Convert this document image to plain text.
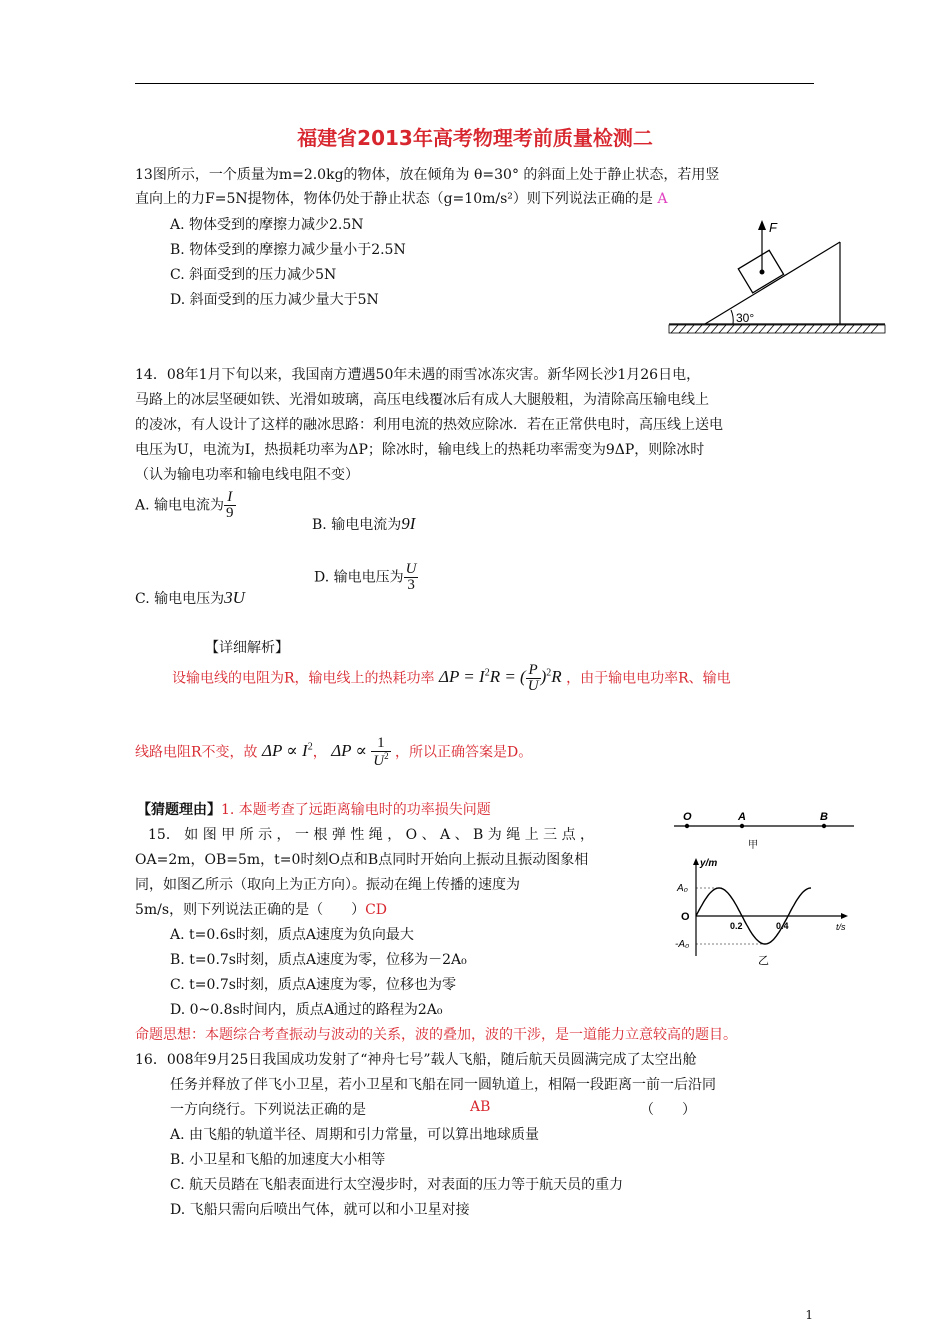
福建省2013年高考物理考前质量检测二
13图所示，一个质量为m=2.0kg的物体，放在倾角为 θ=30° 的斜面上处于静止状态，若用竖
直向上的力F=5N提物体，物体仍处于静止状态（g=10m/s²）则下列说法正确的是 A
A. 物体受到的摩擦力减少2.5N
B. 物体受到的摩擦力减少量小于2.5N
C. 斜面受到的压力减少5N
D. 斜面受到的压力减少量大于5N
F
30°
14．08年1月下旬以来，我国南方遭遇50年未遇的雨雪冰冻灾害。新华网长沙1月26日电，
马路上的冰层坚硬如铁、光滑如玻璃，高压电线覆冰后有成人大腿般粗，为清除高压输电线上
的凌冰，有人设计了这样的融冰思路：利用电流的热效应除冰．若在正常供电时，高压线上送电
电压为U，电流为I，热损耗功率为ΔP；除冰时，输电线上的热耗功率需变为9ΔP，则除冰时
（认为输电功率和输电线电阻不变）
A. 输电电流为 $\frac{I}{9}$
B. 输电电流为9I
C. 输电电压为3U
D. 输电电压为 $\frac{U}{3}$
【详细解析】
设输电线的电阻为R，输电线上的热耗功率 $\Delta P = I^2R$ = ( $\frac{P}{U} )^2R$ ，由于输电电功率R、输电
线路电阻R不变，故 $\Delta P \propto I^2$， $\Delta P \propto \frac{1}{U^2}$ ，所以正确答案是D。
【猜题理由】1. 本题考查了远距离输电时的功率损失问题
15． 如 图 甲 所 示 ， 一 根 弹 性 绳 ， O 、 A 、 B 为 绳 上 三 点 ，
OA=2m，OB=5m，t=0时刻O点和B点同时开始向上振动且振动图象相
同，如图乙所示（取向上为正方向）。振动在绳上传播的速度为
5m/s，则下列说法正确的是（　　）CD
A. t=0.6s时刻，质点A速度为负向最大
B. t=0.7s时刻，质点A速度为零，位移为－2A₀
C. t=0.7s时刻，质点A速度为零，位移也为零
D. 0~0.8s时间内，质点A通过的路程为2A₀
O	A	B
甲
y/m
t/s
A₀
-A₀
O
0.2	0.4
乙
命题思想：本题综合考查振动与波动的关系，波的叠加，波的干涉，是一道能力立意较高的题目。
16．008年9月25日我国成功发射了“神舟七号”载人飞船，随后航天员圆满完成了太空出舱
任务并释放了伴飞小卫星，若小卫星和飞船在同一圆轨道上，相隔一段距离一前一后沿同
一方向绕行。下列说法正确的是	AB	（　　）
A. 由飞船的轨道半径、周期和引力常量，可以算出地球质量
B. 小卫星和飞船的加速度大小相等
C. 航天员踏在飞船表面进行太空漫步时，对表面的压力等于航天员的重力
D. 飞船只需向后喷出气体，就可以和小卫星对接
1
